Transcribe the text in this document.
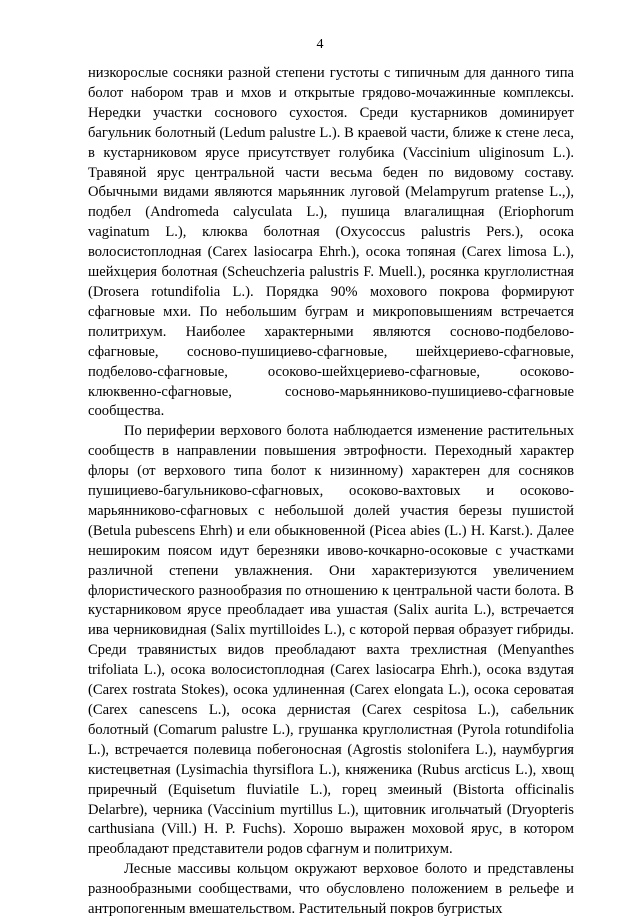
4

низкорослые сосняки разной степени густоты с типичным для данного типа болот набором трав и мхов и открытые грядово-мочажинные комплексы. Нередки участки соснового сухостоя. Среди кустарников доминирует багульник болотный (Ledum palustre L.). В краевой части, ближе к стене леса, в кустарниковом ярусе присутствует голубика (Vaccinium uliginosum L.). Травяной ярус центральной части весьма беден по видовому составу. Обычными видами являются марьянник луговой (Melampyrum pratense L.,), подбел (Andromeda calyculata L.), пушица влагалищная (Eriophorum vaginatum L.), клюква болотная (Oxycoccus palustris Pers.), осока волосистоплодная (Carex lasiocarpa Ehrh.), осока топяная (Carex limosa L.), шейхцерия болотная (Scheuchzeria palustris F. Muell.), росянка круглолистная (Drosera rotundifolia L.). Порядка 90% мохового покрова формируют сфагновые мхи. По небольшим буграм и микроповышениям встречается политрихум. Наиболее характерными являются сосново-подбелово-сфагновые, сосново-пушициево-сфагновые, шейхцериево-сфагновые, подбелово-сфагновые, осоково-шейхцериево-сфагновые, осоково-клюквенно-сфагновые, сосново-марьянниково-пушициево-сфагновые сообщества.

По периферии верхового болота наблюдается изменение растительных сообществ в направлении повышения эвтрофности. Переходный характер флоры (от верхового типа болот к низинному) характерен для сосняков пушициево-багульниково-сфагновых, осоково-вахтовых и осоково-марьянниково-сфагновых с небольшой долей участия березы пушистой (Betula pubescens Ehrh) и ели обыкновенной (Picea abies (L.) H. Karst.). Далее неширoким поясом идут березняки ивово-кочкарно-осоковые с участками различной степени увлажнения. Они характеризуются увеличением флористического разнообразия по отношению к центральной части болота. В кустарниковом ярусе преобладает ива ушастая (Salix aurita L.), встречается ива черниковидная (Salix myrtilloides L.), с которой первая образует гибриды. Среди травянистых видов преобладают вахта трехлистная (Menyanthes trifoliata L.), осока волосистоплодная (Carex lasiocarpa Ehrh.), осока вздутая (Carex rostrata Stokes), осока удлиненная (Carex elongata L.), осока сероватая (Carex canescens L.), осока дернистая (Carex cespitosa L.), сабельник болотный (Comarum palustre L.), грушанка круглолистная (Pyrola rotundifolia L.), встречается полевица побегоносная (Agrostis stolonifera L.), наумбургия кистецветная (Lysimachia thyrsiflora L.), княженика (Rubus arcticus L.), хвощ приречный (Equisetum fluviatile L.), горец змеиный (Bistorta officinalis Delarbre), черника (Vaccinium myrtillus L.), щитовник игольчатый (Dryopteris carthusiana (Vill.) H. P. Fuchs). Хорошо выражен моховой ярус, в котором преобладают представители родов сфагнум и политрихум.

Лесные массивы кольцом окружают верховое болото и представлены разнообразными сообществами, что обусловлено положением в рельефе и антропогенным вмешательством. Растительный покров бугристых
